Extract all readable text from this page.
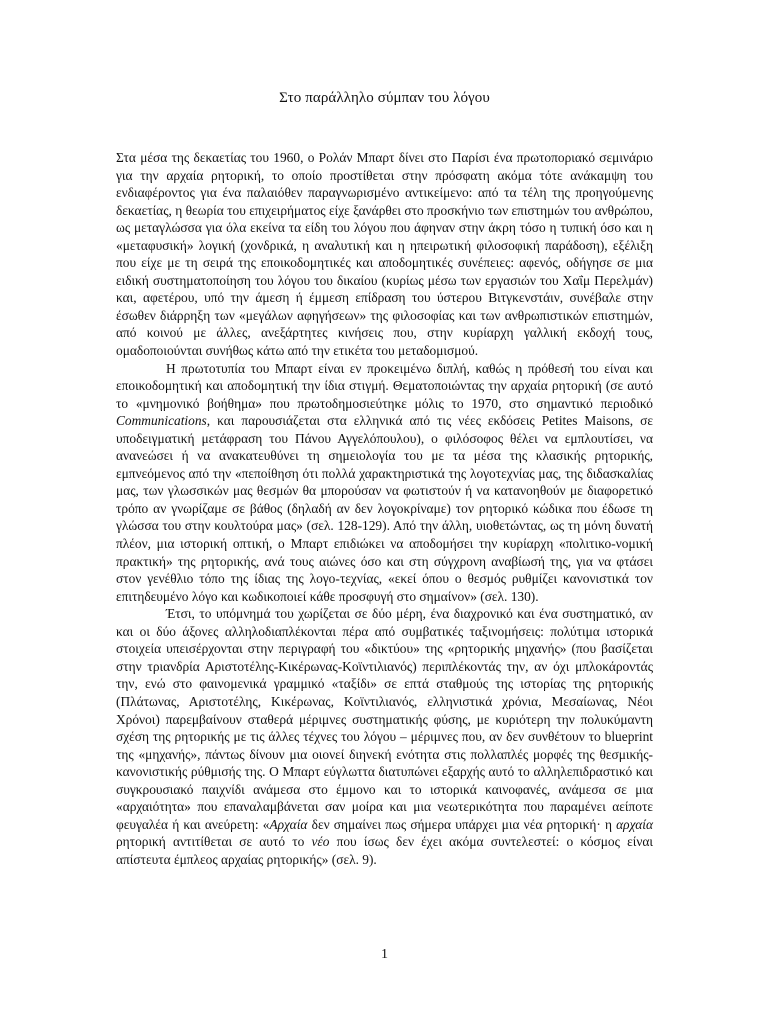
Στο παράλληλο σύμπαν του λόγου

Στα μέσα της δεκαετίας του 1960, ο Ρολάν Μπαρτ δίνει στο Παρίσι ένα πρωτοποριακό σεμινάριο για την αρχαία ρητορική, το οποίο προστίθεται στην πρόσφατη ακόμα τότε ανάκαμψη του ενδιαφέροντος για ένα παλαιόθεν παραγνωρισμένο αντικείμενο: από τα τέλη της προηγούμενης δεκαετίας, η θεωρία του επιχειρήματος είχε ξανάρθει στο προσκήνιο των επιστημών του ανθρώπου, ως μεταγλώσσα για όλα εκείνα τα είδη του λόγου που άφηναν στην άκρη τόσο η τυπική όσο και η «μεταφυσική» λογική (χονδρικά, η αναλυτική και η ηπειρωτική φιλοσοφική παράδοση), εξέλιξη που είχε με τη σειρά της εποικοδομητικές και αποδομητικές συνέπειες: αφενός, οδήγησε σε μια ειδική συστηματοποίηση του λόγου του δικαίου (κυρίως μέσω των εργασιών του Χαΐμ Περελμάν) και, αφετέρου, υπό την άμεση ή έμμεση επίδραση του ύστερου Βιτγκενστάιν, συνέβαλε στην έσωθεν διάρρηξη των «μεγάλων αφηγήσεων» της φιλοσοφίας και των ανθρωπιστικών επιστημών, από κοινού με άλλες, ανεξάρτητες κινήσεις που, στην κυρίαρχη γαλλική εκδοχή τους, ομαδοποιούνται συνήθως κάτω από την ετικέτα του μεταδομισμού.

Η πρωτοτυπία του Μπαρτ είναι εν προκειμένω διπλή, καθώς η πρόθεσή του είναι και εποικοδομητική και αποδομητική την ίδια στιγμή. Θεματοποιώντας την αρχαία ρητορική (σε αυτό το «μνημονικό βοήθημα» που πρωτοδημοσιεύτηκε μόλις το 1970, στο σημαντικό περιοδικό Communications, και παρουσιάζεται στα ελληνικά από τις νέες εκδόσεις Petites Maisons, σε υποδειγματική μετάφραση του Πάνου Αγγελόπουλου), ο φιλόσοφος θέλει να εμπλουτίσει, να ανανεώσει ή να ανακατευθύνει τη σημειολογία του με τα μέσα της κλασικής ρητορικής, εμπνεόμενος από την «πεποίθηση ότι πολλά χαρακτηριστικά της λογοτεχνίας μας, της διδασκαλίας μας, των γλωσσικών μας θεσμών θα μπορούσαν να φωτιστούν ή να κατανοηθούν με διαφορετικό τρόπο αν γνωρίζαμε σε βάθος (δηλαδή αν δεν λογοκρίναμε) τον ρητορικό κώδικα που έδωσε τη γλώσσα του στην κουλτούρα μας» (σελ. 128-129). Από την άλλη, υιοθετώντας, ως τη μόνη δυνατή πλέον, μια ιστορική οπτική, ο Μπαρτ επιδιώκει να αποδομήσει την κυρίαρχη «πολιτικο-νομική πρακτική» της ρητορικής, ανά τους αιώνες όσο και στη σύγχρονη αναβίωσή της, για να φτάσει στον γενέθλιο τόπο της ίδιας της λογο-τεχνίας, «εκεί όπου ο θεσμός ρυθμίζει κανονιστικά τον επιτηδευμένο λόγο και κωδικοποιεί κάθε προσφυγή στο σημαίνον» (σελ. 130).

Έτσι, το υπόμνημά του χωρίζεται σε δύο μέρη, ένα διαχρονικό και ένα συστηματικό, αν και οι δύο άξονες αλληλοδιαπλέκονται πέρα από συμβατικές ταξινομήσεις: πολύτιμα ιστορικά στοιχεία υπεισέρχονται στην περιγραφή του «δικτύου» της «ρητορικής μηχανής» (που βασίζεται στην τριανδρία Αριστοτέλης-Κικέρωνας-Κοϊντιλιανός) περιπλέκοντάς την, αν όχι μπλοκάροντάς την, ενώ στο φαινομενικά γραμμικό «ταξίδι» σε επτά σταθμούς της ιστορίας της ρητορικής (Πλάτωνας, Αριστοτέλης, Κικέρωνας, Κοϊντιλιανός, ελληνιστικά χρόνια, Μεσαίωνας, Νέοι Χρόνοι) παρεμβαίνουν σταθερά μέριμνες συστηματικής φύσης, με κυριότερη την πολυκύμαντη σχέση της ρητορικής με τις άλλες τέχνες του λόγου – μέριμνες που, αν δεν συνθέτουν το blueprint της «μηχανής», πάντως δίνουν μια οιονεί διηνεκή ενότητα στις πολλαπλές μορφές της θεσμικής-κανονιστικής ρύθμισής της. Ο Μπαρτ εύγλωττα διατυπώνει εξαρχής αυτό το αλληλεπιδραστικό και συγκρουσιακό παιχνίδι ανάμεσα στο έμμονο και το ιστορικά καινοφανές, ανάμεσα σε μια «αρχαιότητα» που επαναλαμβάνεται σαν μοίρα και μια νεωτερικότητα που παραμένει αείποτε φευγαλέα ή και ανεύρετη: «Αρχαία δεν σημαίνει πως σήμερα υπάρχει μια νέα ρητορική· η αρχαία ρητορική αντιτίθεται σε αυτό το νέο που ίσως δεν έχει ακόμα συντελεστεί: ο κόσμος είναι απίστευτα έμπλεος αρχαίας ρητορικής» (σελ. 9).

1
